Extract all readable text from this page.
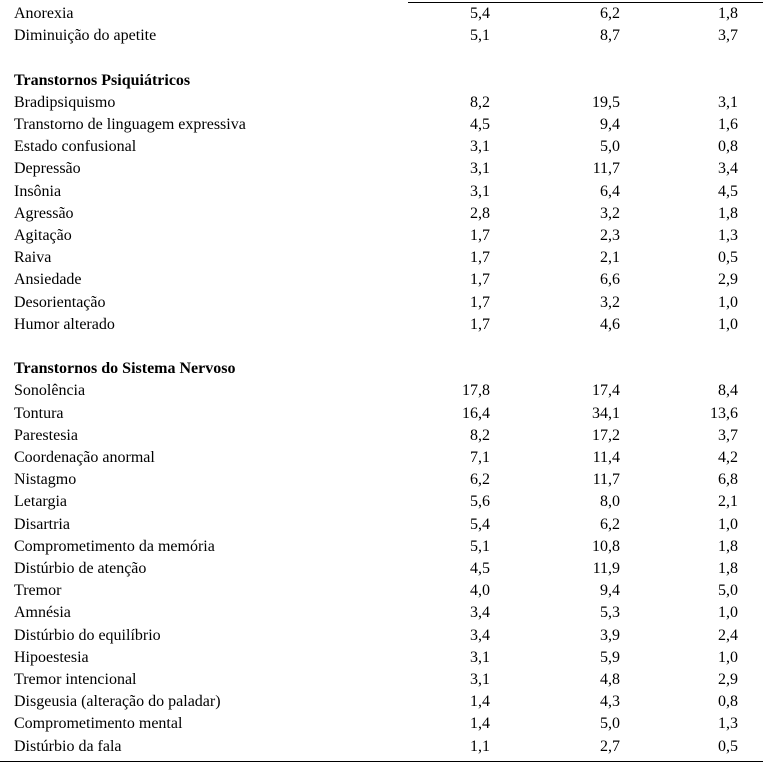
Anorexia	5,4	6,2	1,8
Diminuição do apetite	5,1	8,7	3,7
Transtornos Psiquiátricos
Bradipsiquismo	8,2	19,5	3,1
Transtorno de linguagem expressiva	4,5	9,4	1,6
Estado confusional	3,1	5,0	0,8
Depressão	3,1	11,7	3,4
Insônia	3,1	6,4	4,5
Agressão	2,8	3,2	1,8
Agitação	1,7	2,3	1,3
Raiva	1,7	2,1	0,5
Ansiedade	1,7	6,6	2,9
Desorientação	1,7	3,2	1,0
Humor alterado	1,7	4,6	1,0
Transtornos do Sistema Nervoso
Sonolência	17,8	17,4	8,4
Tontura	16,4	34,1	13,6
Parestesia	8,2	17,2	3,7
Coordenação anormal	7,1	11,4	4,2
Nistagmo	6,2	11,7	6,8
Letargia	5,6	8,0	2,1
Disartria	5,4	6,2	1,0
Comprometimento da memória	5,1	10,8	1,8
Distúrbio de atenção	4,5	11,9	1,8
Tremor	4,0	9,4	5,0
Amnésia	3,4	5,3	1,0
Distúrbio do equilíbrio	3,4	3,9	2,4
Hipoestesia	3,1	5,9	1,0
Tremor intencional	3,1	4,8	2,9
Disgeusia (alteração do paladar)	1,4	4,3	0,8
Comprometimento mental	1,4	5,0	1,3
Distúrbio da fala	1,1	2,7	0,5
